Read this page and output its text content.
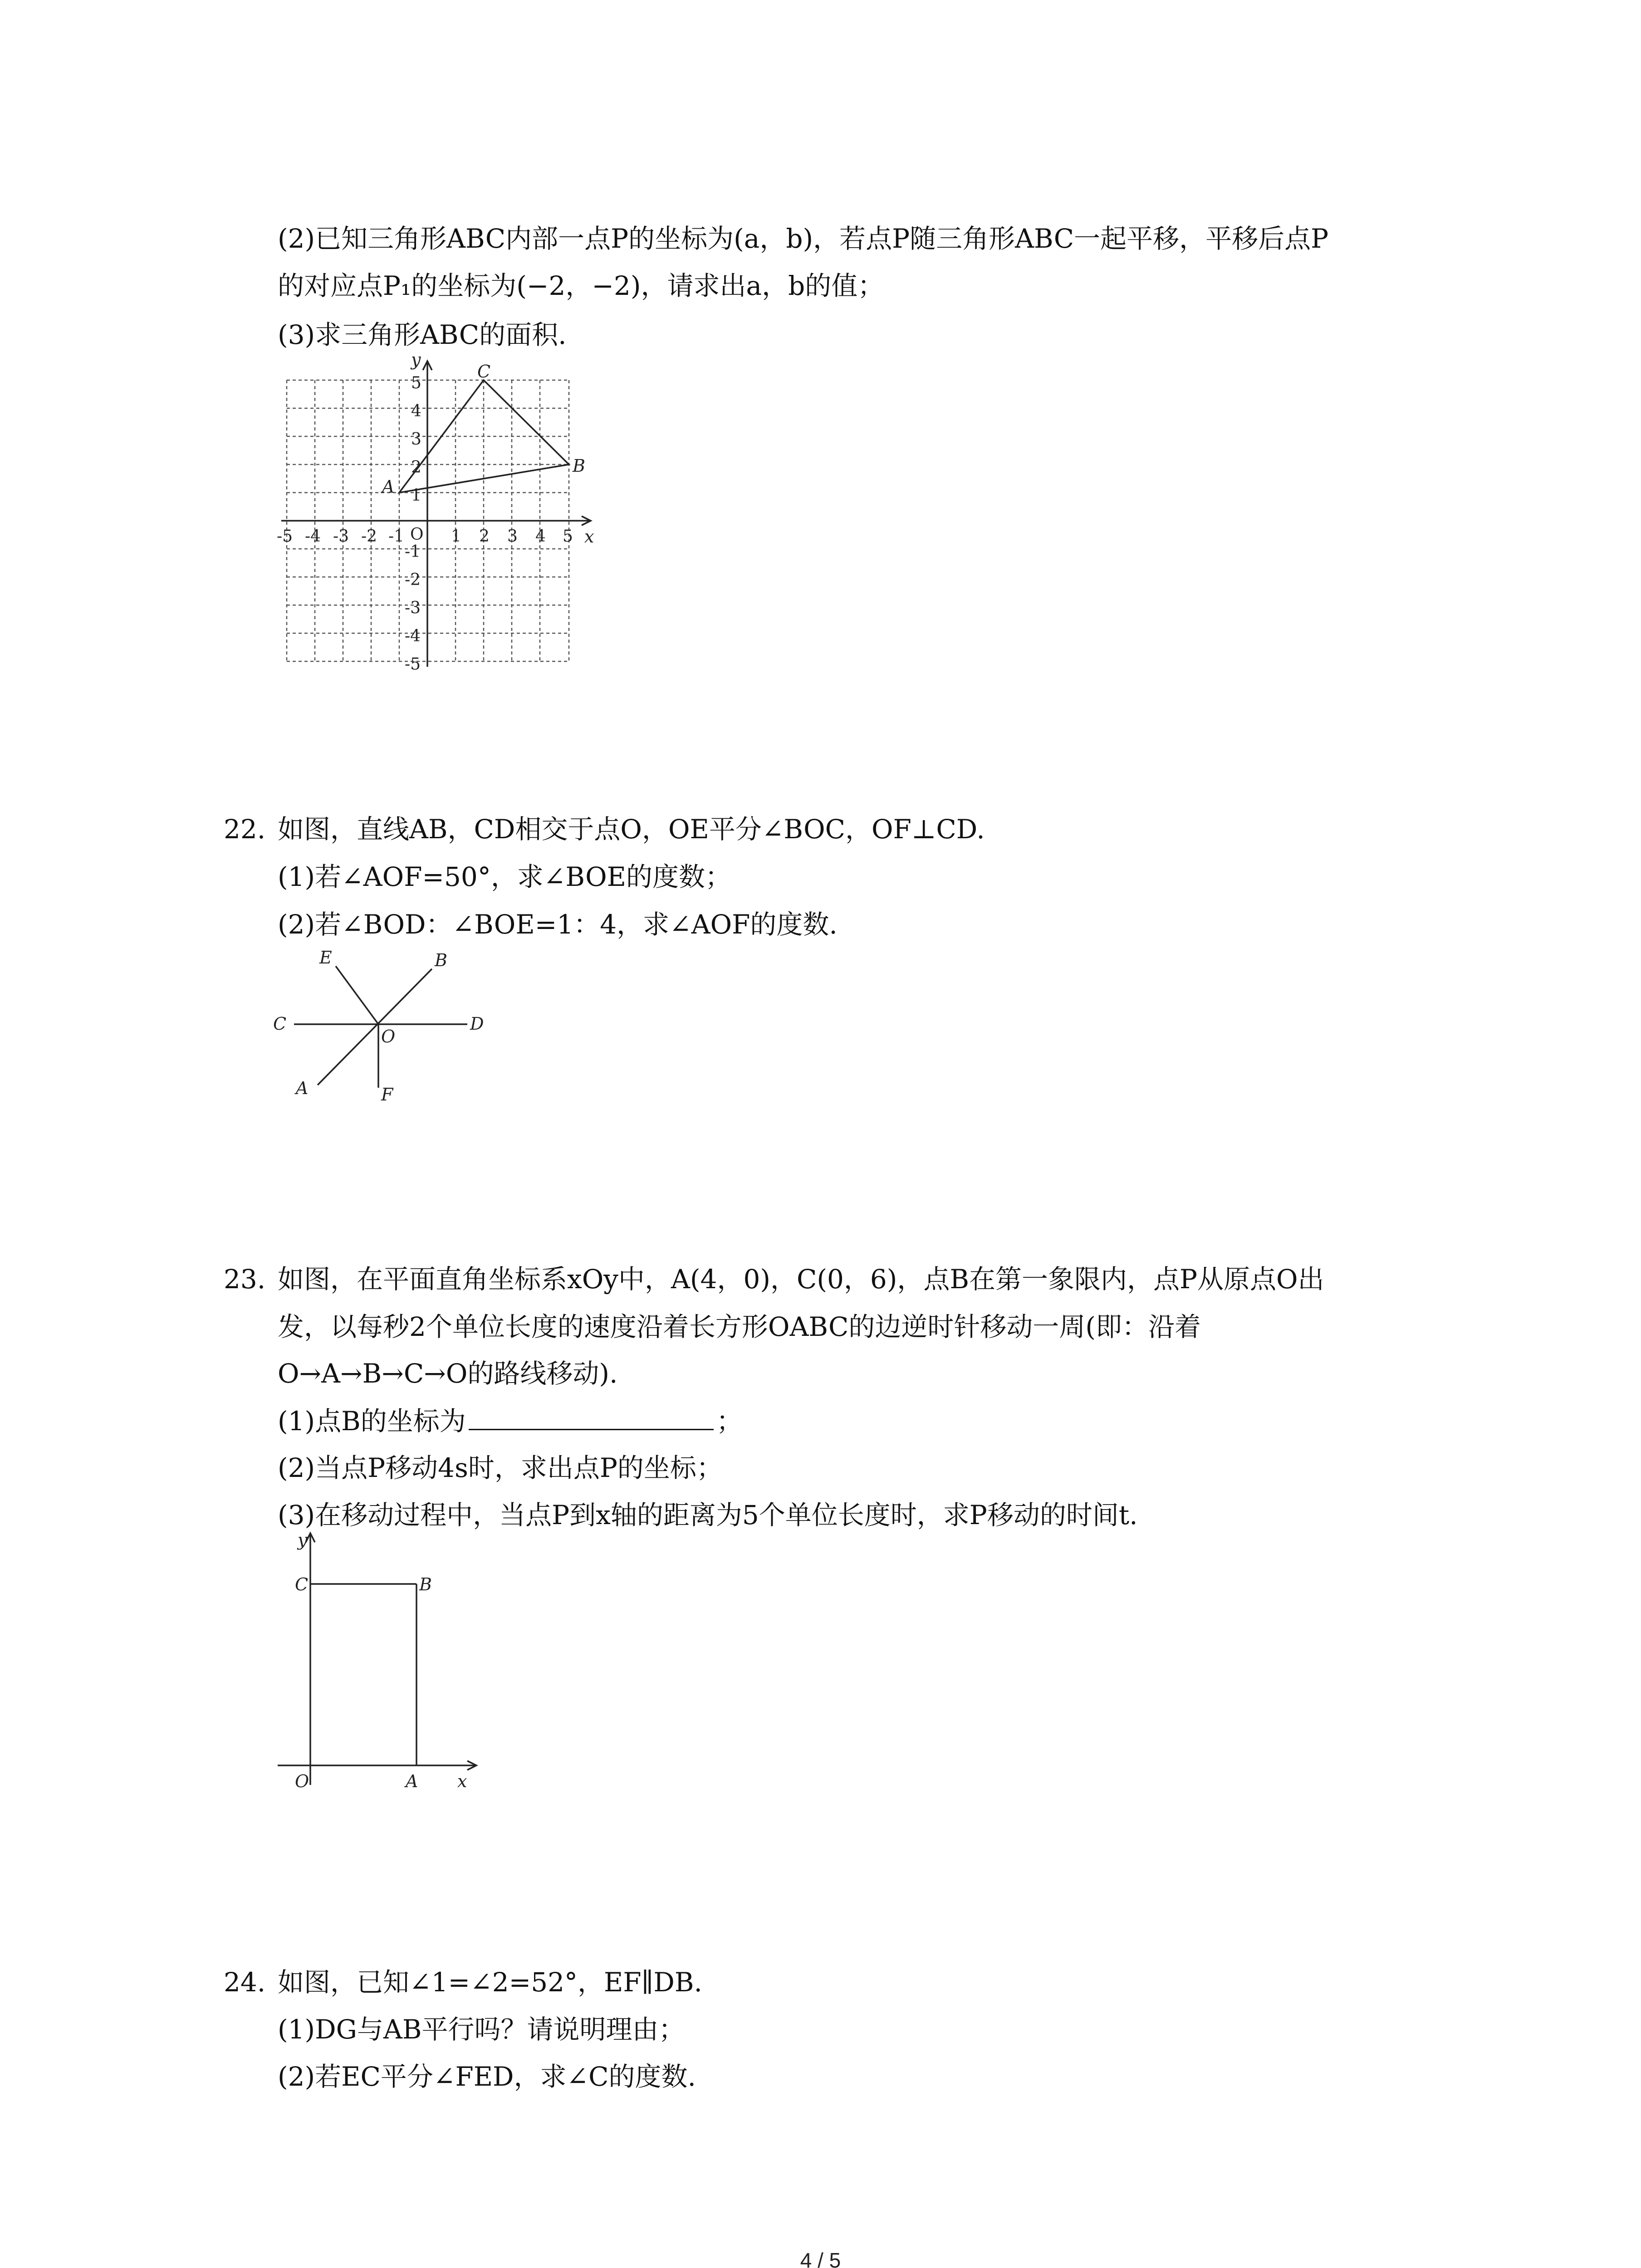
(2)已知三角形ABC内部一点P的坐标为(a，b)，若点P随三角形ABC一起平移，平移后点P
的对应点P₁的坐标为(−2，−2)，请求出a，b的值；
(3)求三角形ABC的面积.
x
y
A
B
C
O
-5 -4 -3 -2 -1	1 2 3 4 5
5
4
3
2
1
-1
-2
-3
-4
-5
22. 如图，直线AB，CD相交于点O，OE平分∠BOC，OF⊥CD.
(1)若∠AOF=50°，求∠BOE的度数；
(2)若∠BOD：∠BOE=1：4，求∠AOF的度数.
E	B
C
O
D
A	F
23. 如图，在平面直角坐标系xOy中，A(4，0)，C(0，6)，点B在第一象限内，点P从原点O出
发，以每秒2个单位长度的速度沿着长方形OABC的边逆时针移动一周(即：沿着
O→A→B→C→O的路线移动).
(1)点B的坐标为	；
(2)当点P移动4s时，求出点P的坐标；
(3)在移动过程中，当点P到x轴的距离为5个单位长度时，求P移动的时间t.
y
C	B
O	A x
24. 如图，已知∠1=∠2=52°，EF∥DB.
(1)DG与AB平行吗？请说明理由；
(2)若EC平分∠FED，求∠C的度数.
4 / 5
